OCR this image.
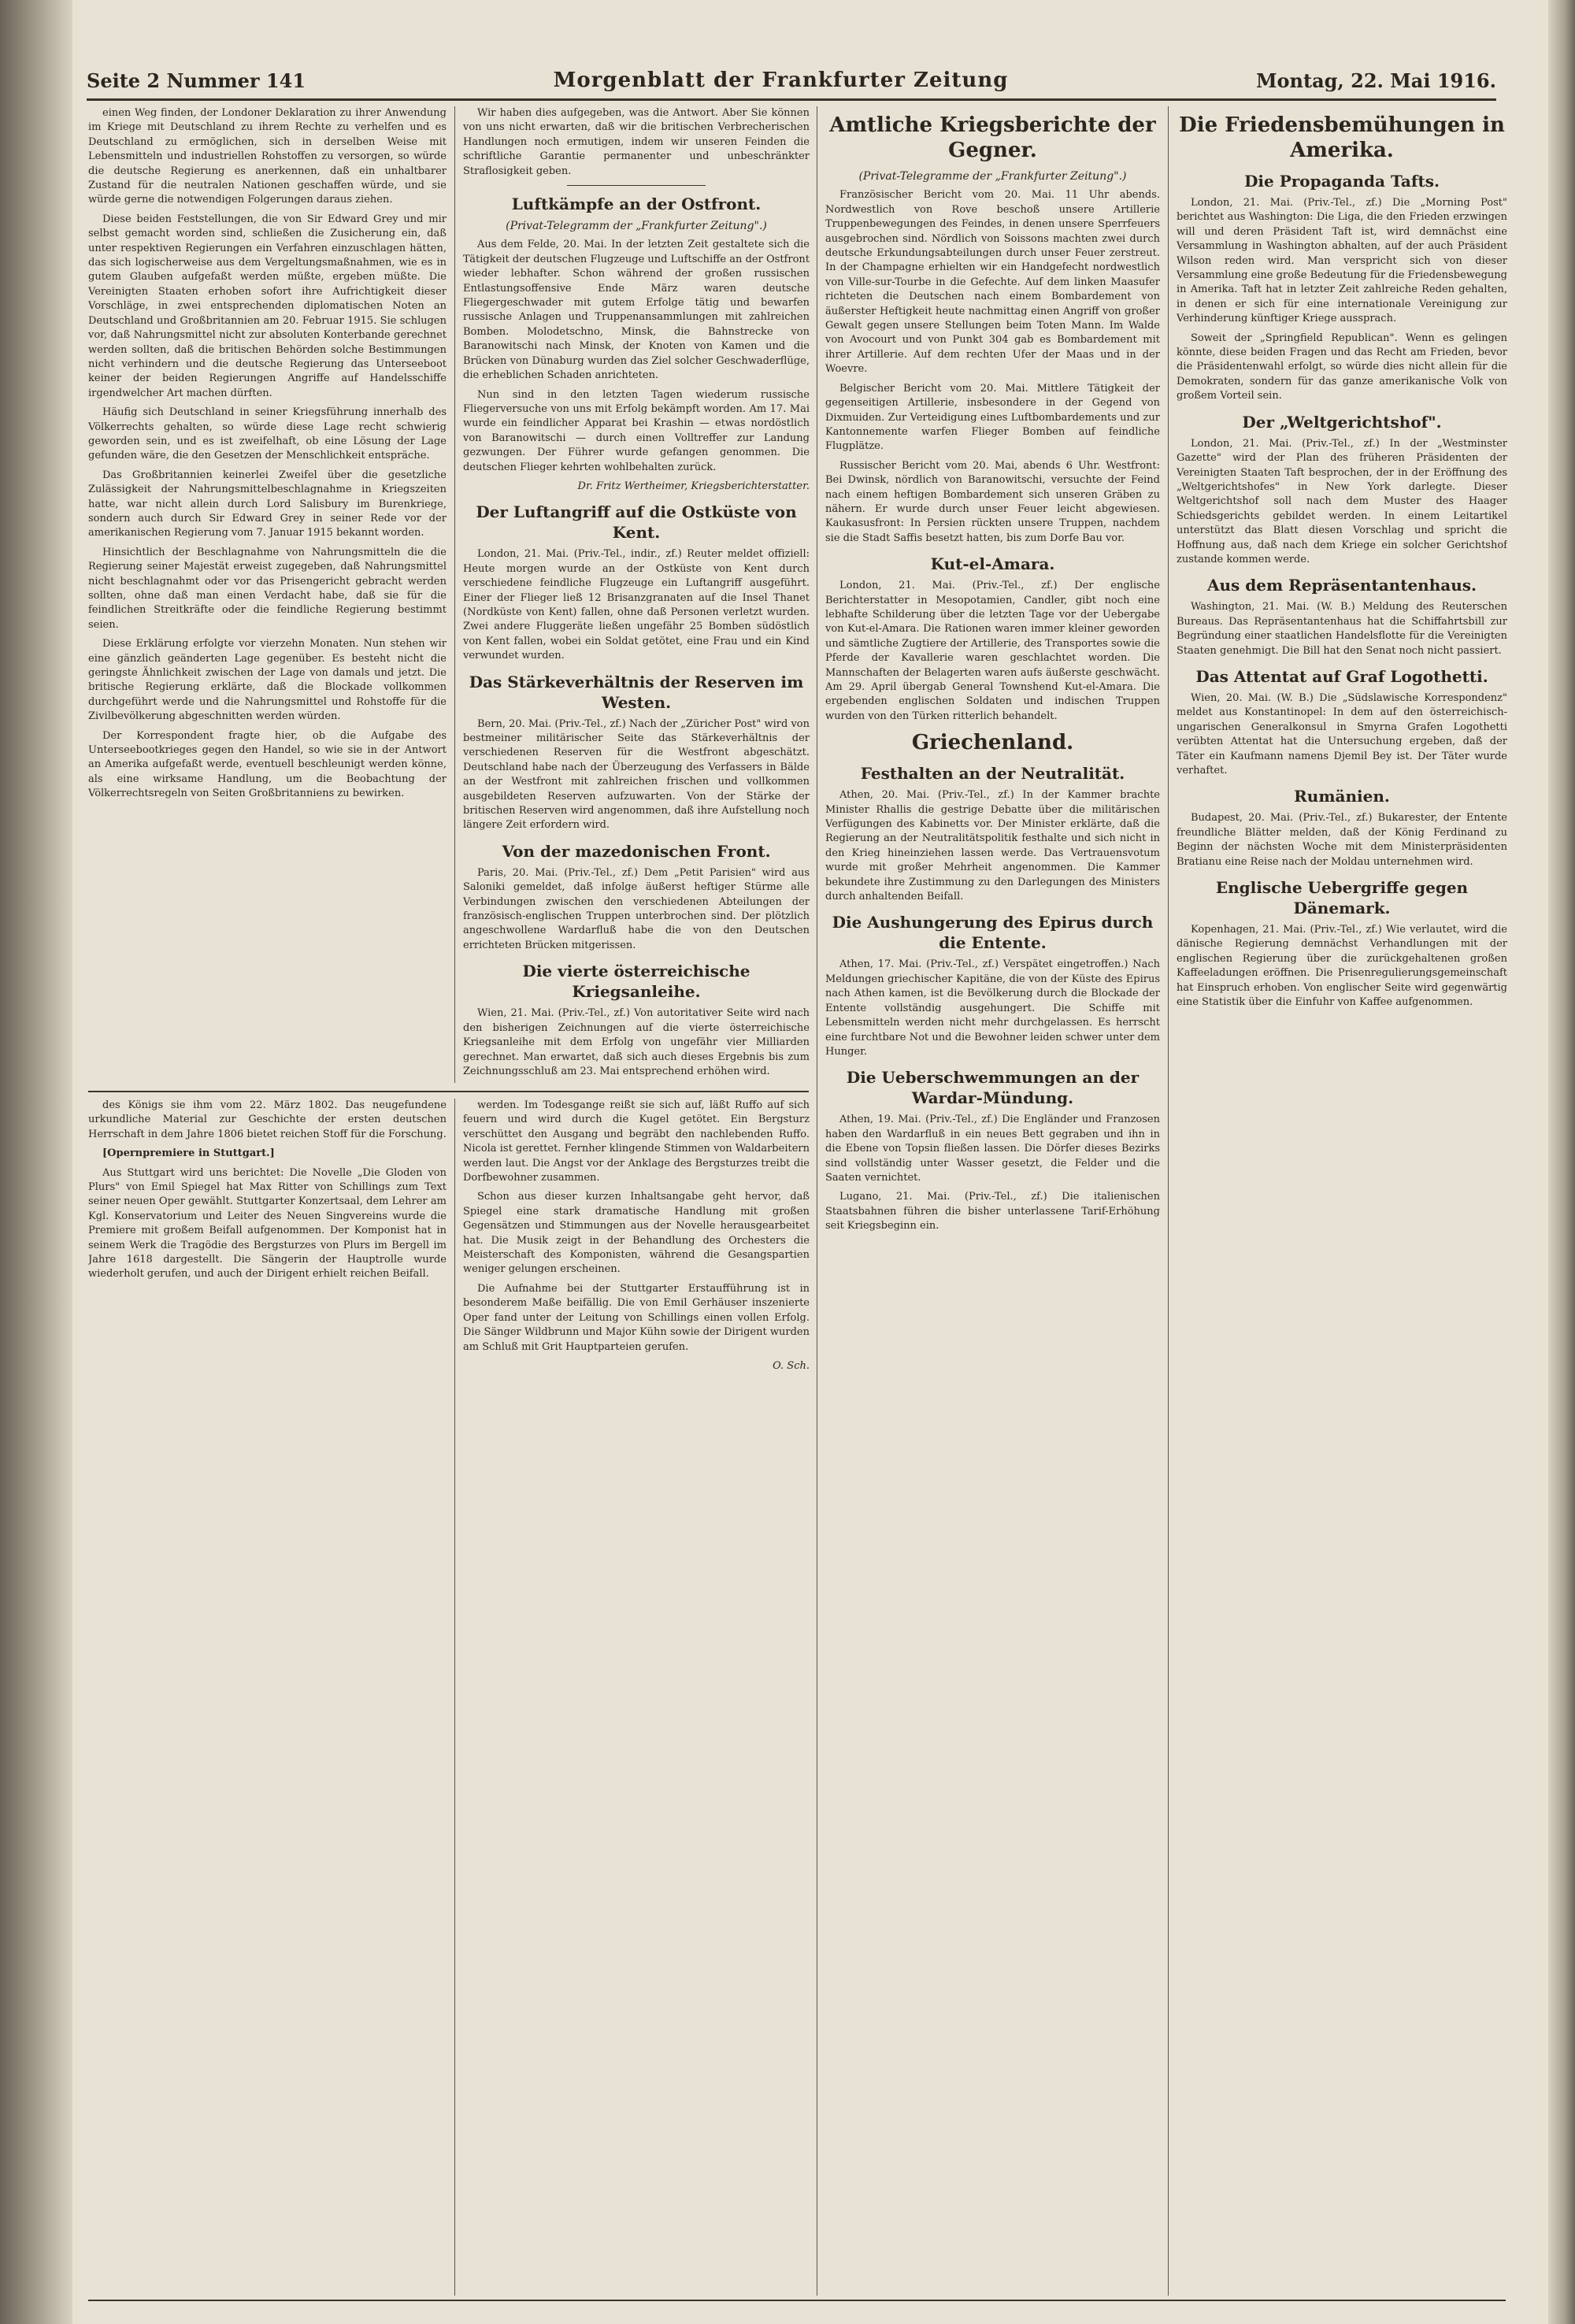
Seite 2 Nummer 141	Morgenblatt der Frankfurter Zeitung	Montag, 22. Mai 1916.

einen Weg finden, der Londoner Deklaration zu ihrer Anwendung im Kriege mit Deutschland zu ihrem Rechte zu verhelfen und es Deutschland zu ermöglichen, sich in derselben Weise mit Lebensmitteln und industriellen Rohstoffen zu versorgen, so würde die deutsche Regierung es anerkennen, daß ein unhaltbarer Zustand für die neutralen Nationen geschaffen würde, und sie würde gerne die notwendigen Folgerungen daraus ziehen.

Diese beiden Feststellungen, die von Sir Edward Grey und mir selbst gemacht worden sind, schließen die Zusicherung ein, daß unter respektiven Regierungen ein Verfahren einzuschlagen hätten, das sich logischerweise aus dem Vergeltungsmaßnahmen, wie es in gutem Glauben aufgefaßt werden müßte, ergeben müßte. Die Vereinigten Staaten erhoben sofort ihre Aufrichtigkeit dieser Vorschläge, in zwei entsprechenden diplomatischen Noten an Deutschland und Großbritannien am 20. Februar 1915. Sie schlugen vor, daß Nahrungsmittel nicht zur absoluten Konterbande gerechnet werden sollten, daß die britischen Behörden solche Bestimmungen nicht verhindern und die deutsche Regierung das Unterseeboot keiner der beiden Regierungen Angriffe auf Handelsschiffe irgendwelcher Art machen dürften.

Häufig sich Deutschland in seiner Kriegsführung innerhalb des Völkerrechts gehalten, so würde diese Lage recht schwierig geworden sein, und es ist zweifelhaft, ob eine Lösung der Lage gefunden wäre, die den Gesetzen der Menschlichkeit entspräche.

Das Großbritannien keinerlei Zweifel über die gesetzliche Zulässigkeit der Nahrungsmittelbeschlagnahme in Kriegszeiten hatte, war nicht allein durch Lord Salisbury im Burenkriege, sondern auch durch Sir Edward Grey in seiner Rede vor der amerikanischen Regierung vom 7. Januar 1915 bekannt worden.

Hinsichtlich der Beschlagnahme von Nahrungsmitteln die die Regierung seiner Majestät erweist zugegeben, daß Nahrungsmittel nicht beschlagnahmt oder vor das Prisengericht gebracht werden sollten, ohne daß man einen Verdacht habe, daß sie für die feindlichen Streitkräfte oder die feindliche Regierung bestimmt seien.

Diese Erklärung erfolgte vor vierzehn Monaten. Nun stehen wir eine gänzlich geänderten Lage gegenüber. Es besteht nicht die geringste Ähnlichkeit zwischen der Lage von damals und jetzt. Die britische Regierung erklärte, daß die Blockade vollkommen durchgeführt werde und die Nahrungsmittel und Rohstoffe für die Zivilbevölkerung abgeschnitten werden würden.

Der Korrespondent fragte hier, ob die Aufgabe des Unterseebootkrieges gegen den Handel, so wie sie in der Antwort an Amerika aufgefaßt werde, eventuell beschleunigt werden könne, als eine wirksame Handlung, um die Beobachtung der Völkerrechtsregeln von Seiten Großbritanniens zu bewirken.

Wir haben dies aufgegeben, was die Antwort. Aber Sie können von uns nicht erwarten, daß wir die britischen Verbrecherischen Handlungen noch ermutigen, indem wir unseren Feinden die schriftliche Garantie permanenter und unbeschränkter Straflosigkeit geben.

Luftkämpfe an der Ostfront.
(Privat-Telegramm der „Frankfurter Zeitung".)

Aus dem Felde, 20. Mai. In der letzten Zeit gestaltete sich die Tätigkeit der deutschen Flugzeuge und Luftschiffe an der Ostfront wieder lebhafter. Schon während der großen russischen Entlastungsoffensive Ende März waren deutsche Fliegergeschwader mit gutem Erfolge tätig und bewarfen russische Anlagen und Truppenansammlungen mit zahlreichen Bomben. Molodetschno, Minsk, die Bahnstrecke von Baranowitschi nach Minsk, der Knoten von Kamen und die Brücken von Dünaburg wurden das Ziel solcher Geschwaderflüge, die erheblichen Schaden anrichteten.

Nun sind in den letzten Tagen wiederum russische Fliegerversuche von uns mit Erfolg bekämpft worden. Am 17. Mai wurde ein feindlicher Apparat bei Krashin — etwas nordöstlich von Baranowitschi — durch einen Volltreffer zur Landung gezwungen. Der Führer wurde gefangen genommen. Die deutschen Flieger kehrten wohlbehalten zurück.

Dr. Fritz Wertheimer, Kriegsberichterstatter.
Der Luftangriff auf die Ostküste von Kent.

London, 21. Mai. (Priv.-Tel., indir., zf.) Reuter meldet offiziell: Heute morgen wurde an der Ostküste von Kent durch verschiedene feindliche Flugzeuge ein Luftangriff ausgeführt. Einer der Flieger ließ 12 Brisanzgranaten auf die Insel Thanet (Nordküste von Kent) fallen, ohne daß Personen verletzt wurden. Zwei andere Fluggeräte ließen ungefähr 25 Bomben südöstlich von Kent fallen, wobei ein Soldat getötet, eine Frau und ein Kind verwundet wurden.

Das Stärkeverhältnis der Reserven im Westen.

Bern, 20. Mai. (Priv.-Tel., zf.) Nach der „Züricher Post" wird von bestmeiner militärischer Seite das Stärkeverhältnis der verschiedenen Reserven für die Westfront abgeschätzt. Deutschland habe nach der Überzeugung des Verfassers in Bälde an der Westfront mit zahlreichen frischen und vollkommen ausgebildeten Reserven aufzuwarten. Von der Stärke der britischen Reserven wird angenommen, daß ihre Aufstellung noch längere Zeit erfordern wird.

Von der mazedonischen Front.

Paris, 20. Mai. (Priv.-Tel., zf.) Dem „Petit Parisien" wird aus Saloniki gemeldet, daß infolge äußerst heftiger Stürme alle Verbindungen zwischen den verschiedenen Abteilungen der französisch-englischen Truppen unterbrochen sind. Der plötzlich angeschwollene Wardarfluß habe die von den Deutschen errichteten Brücken mitgerissen.

Die vierte österreichische Kriegsanleihe.

Wien, 21. Mai. (Priv.-Tel., zf.) Von autoritativer Seite wird nach den bisherigen Zeichnungen auf die vierte österreichische Kriegsanleihe mit dem Erfolg von ungefähr vier Milliarden gerechnet. Man erwartet, daß sich auch dieses Ergebnis bis zum Zeichnungsschluß am 23. Mai entsprechend erhöhen wird.

Amtliche Kriegsberichte der Gegner.
(Privat-Telegramme der „Frankfurter Zeitung".)

Französischer Bericht vom 20. Mai. 11 Uhr abends. Nordwestlich von Rove beschoß unsere Artillerie Truppenbewegungen des Feindes, in denen unsere Sperrfeuers ausgebrochen sind. Nördlich von Soissons machten zwei durch deutsche Erkundungsabteilungen durch unser Feuer zerstreut. In der Champagne erhielten wir ein Handgefecht nordwestlich von Ville-sur-Tourbe in die Gefechte. Auf dem linken Maasufer richteten die Deutschen nach einem Bombardement von äußerster Heftigkeit heute nachmittag einen Angriff von großer Gewalt gegen unsere Stellungen beim Toten Mann. Im Walde von Avocourt und von Punkt 304 gab es Bombardement mit ihrer Artillerie. Auf dem rechten Ufer der Maas und in der Woevre.

Belgischer Bericht vom 20. Mai. Mittlere Tätigkeit der gegenseitigen Artillerie, insbesondere in der Gegend von Dixmuiden. Zur Verteidigung eines Luftbombardements und zur Kantonnemente warfen Flieger Bomben auf feindliche Flugplätze.

Russischer Bericht vom 20. Mai, abends 6 Uhr. Westfront: Bei Dwinsk, nördlich von Baranowitschi, versuchte der Feind nach einem heftigen Bombardement sich unseren Gräben zu nähern. Er wurde durch unser Feuer leicht abgewiesen. Kaukasusfront: In Persien rückten unsere Truppen, nachdem sie die Stadt Saffis besetzt hatten, bis zum Dorfe Bau vor.

Kut-el-Amara.

London, 21. Mai. (Priv.-Tel., zf.) Der englische Berichterstatter in Mesopotamien, Candler, gibt noch eine lebhafte Schilderung über die letzten Tage vor der Uebergabe von Kut-el-Amara. Die Rationen waren immer kleiner geworden und sämtliche Zugtiere der Artillerie, des Transportes sowie die Pferde der Kavallerie waren geschlachtet worden. Die Mannschaften der Belagerten waren aufs äußerste geschwächt. Am 29. April übergab General Townshend Kut-el-Amara. Die ergebenden englischen Soldaten und indischen Truppen wurden von den Türken ritterlich behandelt.

Griechenland.
Festhalten an der Neutralität.

Athen, 20. Mai. (Priv.-Tel., zf.) In der Kammer brachte Minister Rhallis die gestrige Debatte über die militärischen Verfügungen des Kabinetts vor. Der Minister erklärte, daß die Regierung an der Neutralitätspolitik festhalte und sich nicht in den Krieg hineinziehen lassen werde. Das Vertrauensvotum wurde mit großer Mehrheit angenommen. Die Kammer bekundete ihre Zustimmung zu den Darlegungen des Ministers durch anhaltenden Beifall.

Die Aushungerung des Epirus durch die Entente.

Athen, 17. Mai. (Priv.-Tel., zf.) Verspätet eingetroffen.) Nach Meldungen griechischer Kapitäne, die von der Küste des Epirus nach Athen kamen, ist die Bevölkerung durch die Blockade der Entente vollständig ausgehungert. Die Schiffe mit Lebensmitteln werden nicht mehr durchgelassen. Es herrscht eine furchtbare Not und die Bewohner leiden schwer unter dem Hunger.

Die Ueberschwemmungen an der Wardar-Mündung.

Athen, 19. Mai. (Priv.-Tel., zf.) Die Engländer und Franzosen haben den Wardarfluß in ein neues Bett gegraben und ihn in die Ebene von Topsin fließen lassen. Die Dörfer dieses Bezirks sind vollständig unter Wasser gesetzt, die Felder und die Saaten vernichtet.

Lugano, 21. Mai. (Priv.-Tel., zf.) Die italienischen Staatsbahnen führen die bisher unterlassene Tarif-Erhöhung seit Kriegsbeginn ein.

Die Friedensbemühungen in Amerika.
Die Propaganda Tafts.

London, 21. Mai. (Priv.-Tel., zf.) Die „Morning Post" berichtet aus Washington: Die Liga, die den Frieden erzwingen will und deren Präsident Taft ist, wird demnächst eine Versammlung in Washington abhalten, auf der auch Präsident Wilson reden wird. Man verspricht sich von dieser Versammlung eine große Bedeutung für die Friedensbewegung in Amerika. Taft hat in letzter Zeit zahlreiche Reden gehalten, in denen er sich für eine internationale Vereinigung zur Verhinderung künftiger Kriege aussprach.

Soweit der „Springfield Republican". Wenn es gelingen könnte, diese beiden Fragen und das Recht am Frieden, bevor die Präsidentenwahl erfolgt, so würde dies nicht allein für die Demokraten, sondern für das ganze amerikanische Volk von großem Vorteil sein.

Der „Weltgerichtshof".

London, 21. Mai. (Priv.-Tel., zf.) In der „Westminster Gazette" wird der Plan des früheren Präsidenten der Vereinigten Staaten Taft besprochen, der in der Eröffnung des „Weltgerichtshofes" in New York darlegte. Dieser Weltgerichtshof soll nach dem Muster des Haager Schiedsgerichts gebildet werden. In einem Leitartikel unterstützt das Blatt diesen Vorschlag und spricht die Hoffnung aus, daß nach dem Kriege ein solcher Gerichtshof zustande kommen werde.

Aus dem Repräsentantenhaus.

Washington, 21. Mai. (W. B.) Meldung des Reuterschen Bureaus. Das Repräsentantenhaus hat die Schiffahrtsbill zur Begründung einer staatlichen Handelsflotte für die Vereinigten Staaten genehmigt. Die Bill hat den Senat noch nicht passiert.

Das Attentat auf Graf Logothetti.

Wien, 20. Mai. (W. B.) Die „Südslawische Korrespondenz" meldet aus Konstantinopel: In dem auf den österreichisch-ungarischen Generalkonsul in Smyrna Grafen Logothetti verübten Attentat hat die Untersuchung ergeben, daß der Täter ein Kaufmann namens Djemil Bey ist. Der Täter wurde verhaftet.

Rumänien.

Budapest, 20. Mai. (Priv.-Tel., zf.) Bukarester, der Entente freundliche Blätter melden, daß der König Ferdinand zu Beginn der nächsten Woche mit dem Ministerpräsidenten Bratianu eine Reise nach der Moldau unternehmen wird.

Englische Uebergriffe gegen Dänemark.

Kopenhagen, 21. Mai. (Priv.-Tel., zf.) Wie verlautet, wird die dänische Regierung demnächst Verhandlungen mit der englischen Regierung über die zurückgehaltenen großen Kaffeeladungen eröffnen. Die Prisenregulierungsgemeinschaft hat Einspruch erhoben. Von englischer Seite wird gegenwärtig eine Statistik über die Einfuhr von Kaffee aufgenommen.

des Königs sie ihm vom 22. März 1802. Das neugefundene urkundliche Material zur Geschichte der ersten deutschen Herrschaft in dem Jahre 1806 bietet reichen Stoff für die Forschung.

[Opernpremiere in Stuttgart.]

Aus Stuttgart wird uns berichtet: Die Novelle „Die Gloden von Plurs" von Emil Spiegel hat Max Ritter von Schillings zum Text seiner neuen Oper gewählt. Stuttgarter Konzertsaal, dem Lehrer am Kgl. Konservatorium und Leiter des Neuen Singvereins wurde die Premiere mit großem Beifall aufgenommen. Der Komponist hat in seinem Werk die Tragödie des Bergsturzes von Plurs im Bergell im Jahre 1618 dargestellt. Die Sängerin der Hauptrolle wurde wiederholt gerufen, und auch der Dirigent erhielt reichen Beifall.

werden. Im Todesgange reißt sie sich auf, läßt Ruffo auf sich feuern und wird durch die Kugel getötet. Ein Bergsturz verschüttet den Ausgang und begräbt den nachlebenden Ruffo. Nicola ist gerettet. Fernher klingende Stimmen von Waldarbeitern werden laut. Die Angst vor der Anklage des Bergsturzes treibt die Dorfbewohner zusammen.

Schon aus dieser kurzen Inhaltsangabe geht hervor, daß Spiegel eine stark dramatische Handlung mit großen Gegensätzen und Stimmungen aus der Novelle herausgearbeitet hat. Die Musik zeigt in der Behandlung des Orchesters die Meisterschaft des Komponisten, während die Gesangspartien weniger gelungen erscheinen.

Die Aufnahme bei der Stuttgarter Erstaufführung ist in besonderem Maße beifällig. Die von Emil Gerhäuser inszenierte Oper fand unter der Leitung von Schillings einen vollen Erfolg. Die Sänger Wildbrunn und Major Kühn sowie der Dirigent wurden am Schluß mit Grit Hauptparteien gerufen.

O. Sch.
